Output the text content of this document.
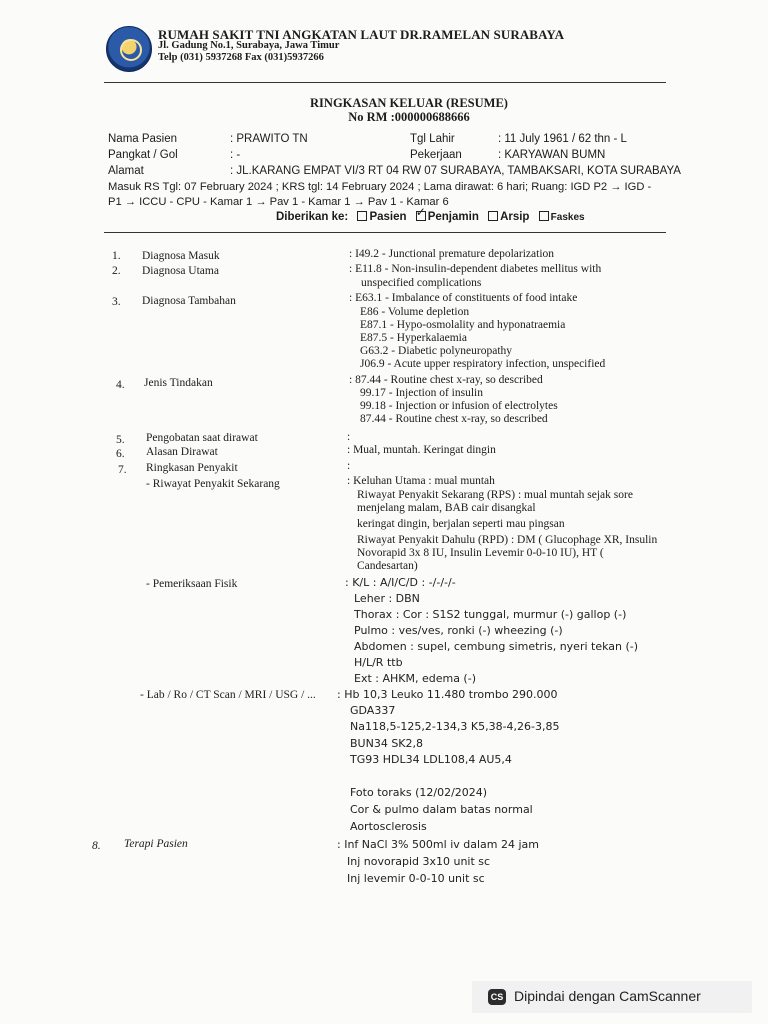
RUMAH SAKIT TNI ANGKATAN LAUT DR.RAMELAN SURABAYA
Jl. Gadung No.1, Surabaya, Jawa Timur
Telp (031) 5937268 Fax (031)5937266
RINGKASAN KELUAR (RESUME)
No RM :000000688666
Nama Pasien	: PRAWITO TN	Tgl Lahir	: 11 July 1961 / 62 thn - L
Pangkat / Gol	: -	Pekerjaan	: KARYAWAN BUMN
Alamat	: JL.KARANG EMPAT VI/3 RT 04 RW 07 SURABAYA, TAMBAKSARI, KOTA SURABAYA
Masuk RS Tgl: 07 February 2024 ; KRS tgl: 14 February 2024 ; Lama dirawat: 6 hari; Ruang: IGD P2 → IGD -
P1 → ICCU - CPU - Kamar 1 → Pav 1 - Kamar 1 → Pav 1 - Kamar 6
Diberikan ke: Pasien ✓ Penjamin Arsip Faskes
1. Diagnosa Masuk	: I49.2 - Junctional premature depolarization
2. Diagnosa Utama	: E11.8 - Non-insulin-dependent diabetes mellitus with
unspecified complications
3. Diagnosa Tambahan	: E63.1 - Imbalance of constituents of food intake
E86 - Volume depletion
E87.1 - Hypo-osmolality and hyponatraemia
E87.5 - Hyperkalaemia
G63.2 - Diabetic polyneuropathy
J06.9 - Acute upper respiratory infection, unspecified
4. Jenis Tindakan	: 87.44 - Routine chest x-ray, so described
99.17 - Injection of insulin
99.18 - Injection or infusion of electrolytes
87.44 - Routine chest x-ray, so described
5. Pengobatan saat dirawat	:
6. Alasan Dirawat	: Mual, muntah. Keringat dingin
7. Ringkasan Penyakit	:
- Riwayat Penyakit Sekarang	: Keluhan Utama : mual muntah
Riwayat Penyakit Sekarang (RPS) : mual muntah sejak sore
menjelang malam, BAB cair disangkal
keringat dingin, berjalan seperti mau pingsan
Riwayat Penyakit Dahulu (RPD) : DM ( Glucophage XR, Insulin
Novorapid 3x 8 IU, Insulin Levemir 0-0-10 IU), HT (
Candesartan)
- Pemeriksaan Fisik	: K/L : A/I/C/D : -/-/-/-
Leher : DBN
Thorax : Cor : S1S2 tunggal, murmur (-) gallop (-)
Pulmo : ves/ves, ronki (-) wheezing (-)
Abdomen : supel, cembung simetris, nyeri tekan (-)
H/L/R ttb
Ext : AHKM, edema (-)
- Lab / Ro / CT Scan / MRI / USG / ... : Hb 10,3 Leuko 11.480 trombo 290.000
GDA337
Na118,5-125,2-134,3 K5,38-4,26-3,85
BUN34 SK2,8
TG93 HDL34 LDL108,4 AU5,4
Foto toraks (12/02/2024)
Cor & pulmo dalam batas normal
Aortosclerosis
8. Terapi Pasien	: Inf NaCl 3% 500ml iv dalam 24 jam
Inj novorapid 3x10 unit sc
Inj levemir 0-0-10 unit sc
CS Dipindai dengan CamScanner
